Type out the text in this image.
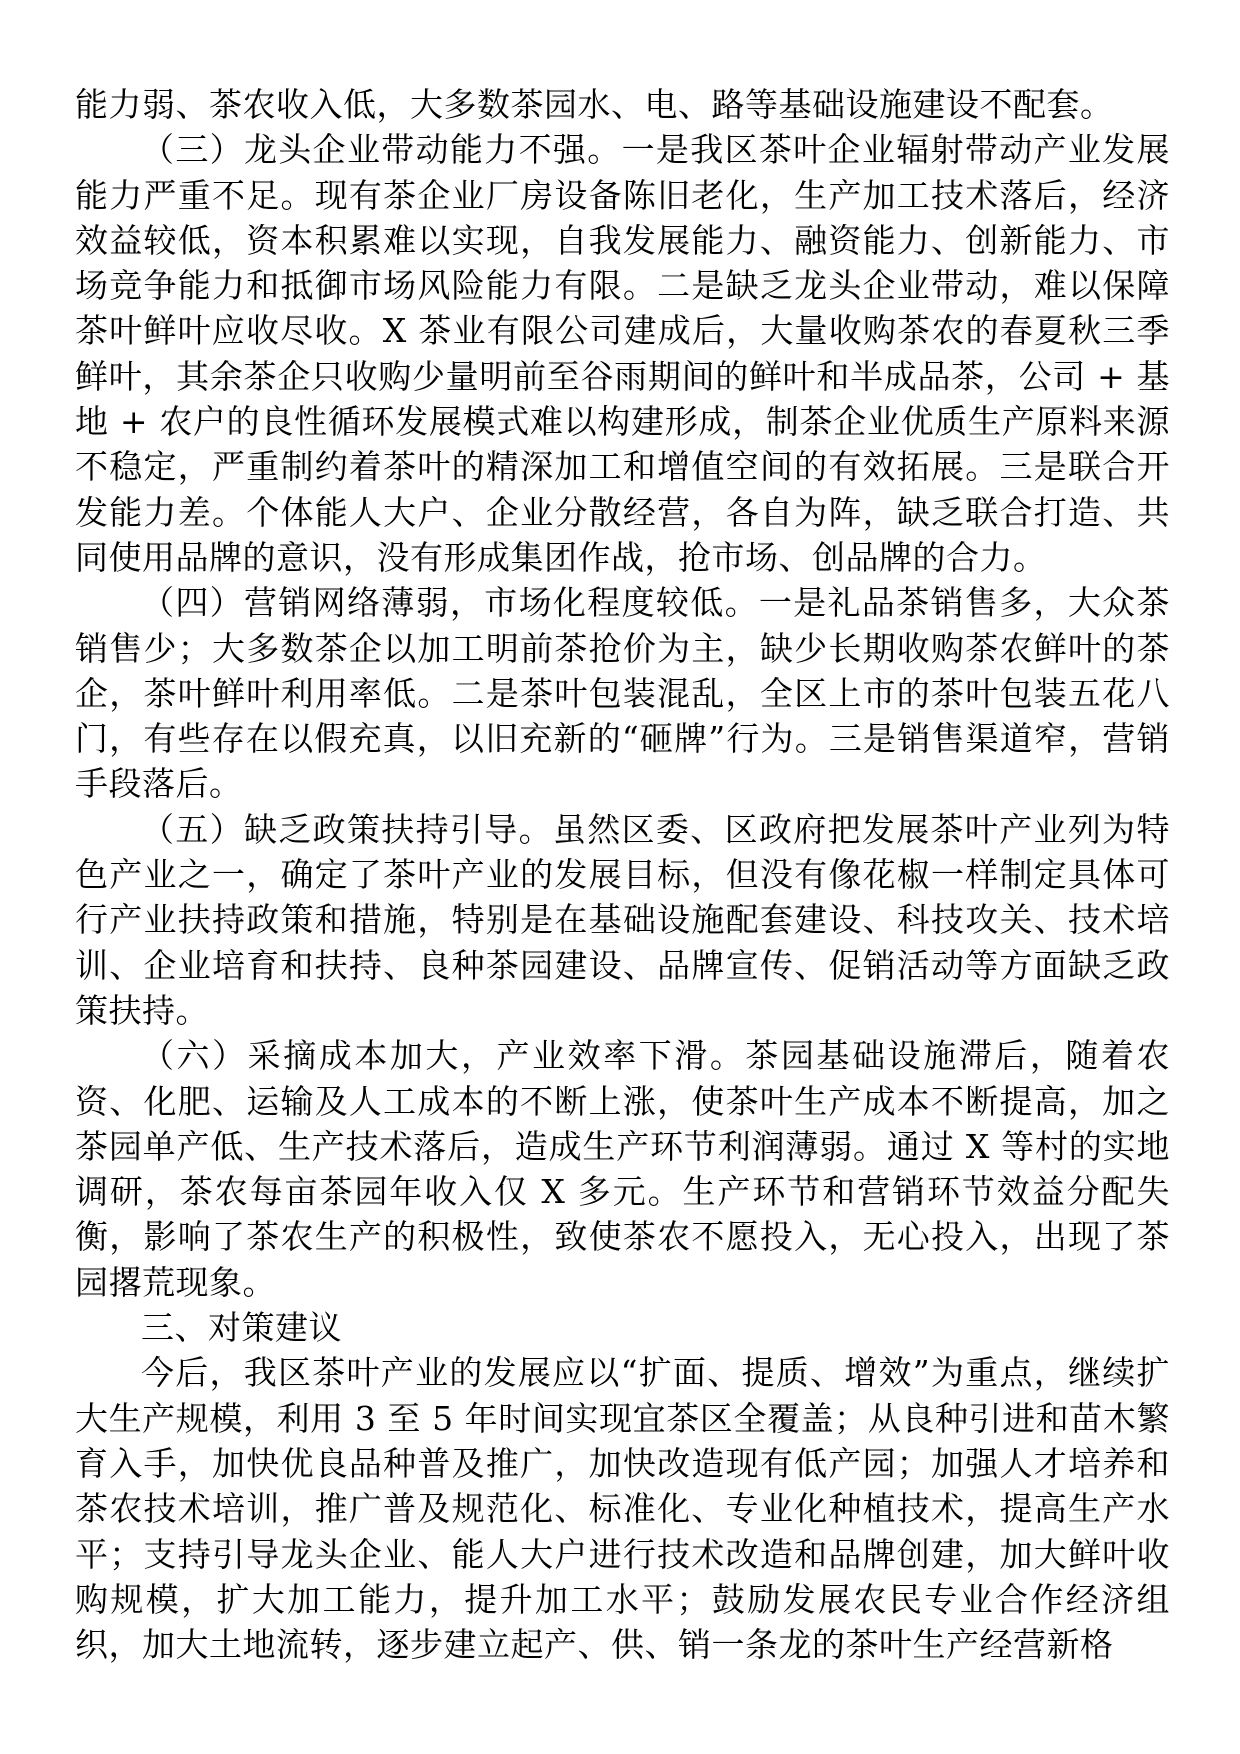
能力弱、茶农收入低，大多数茶园水、电、路等基础设施建设不配套。

（三）龙头企业带动能力不强。一是我区茶叶企业辐射带动产业发展能力严重不足。现有茶企业厂房设备陈旧老化，生产加工技术落后，经济效益较低，资本积累难以实现，自我发展能力、融资能力、创新能力、市场竞争能力和抵御市场风险能力有限。二是缺乏龙头企业带动，难以保障茶叶鲜叶应收尽收。X 茶业有限公司建成后，大量收购茶农的春夏秋三季鲜叶，其余茶企只收购少量明前至谷雨期间的鲜叶和半成品茶，公司 + 基地 + 农户的良性循环发展模式难以构建形成，制茶企业优质生产原料来源不稳定，严重制约着茶叶的精深加工和增值空间的有效拓展。三是联合开发能力差。个体能人大户、企业分散经营，各自为阵，缺乏联合打造、共同使用品牌的意识，没有形成集团作战，抢市场、创品牌的合力。

（四）营销网络薄弱，市场化程度较低。一是礼品茶销售多，大众茶销售少；大多数茶企以加工明前茶抢价为主，缺少长期收购茶农鲜叶的茶企，茶叶鲜叶利用率低。二是茶叶包装混乱，全区上市的茶叶包装五花八门，有些存在以假充真，以旧充新的“砸牌”行为。三是销售渠道窄，营销手段落后。

（五）缺乏政策扶持引导。虽然区委、区政府把发展茶叶产业列为特色产业之一，确定了茶叶产业的发展目标，但没有像花椒一样制定具体可行产业扶持政策和措施，特别是在基础设施配套建设、科技攻关、技术培训、企业培育和扶持、良种茶园建设、品牌宣传、促销活动等方面缺乏政策扶持。

（六）采摘成本加大，产业效率下滑。茶园基础设施滞后，随着农资、化肥、运输及人工成本的不断上涨，使茶叶生产成本不断提高，加之茶园单产低、生产技术落后，造成生产环节利润薄弱。通过 X 等村的实地调研，茶农每亩茶园年收入仅 X 多元。生产环节和营销环节效益分配失衡，影响了茶农生产的积极性，致使茶农不愿投入，无心投入，出现了茶园撂荒现象。

三、对策建议

今后，我区茶叶产业的发展应以“扩面、提质、增效”为重点，继续扩大生产规模，利用 3 至 5 年时间实现宜茶区全覆盖；从良种引进和苗木繁育入手，加快优良品种普及推广，加快改造现有低产园；加强人才培养和茶农技术培训，推广普及规范化、标准化、专业化种植技术，提高生产水平；支持引导龙头企业、能人大户进行技术改造和品牌创建，加大鲜叶收购规模，扩大加工能力，提升加工水平；鼓励发展农民专业合作经济组织，加大土地流转，逐步建立起产、供、销一条龙的茶叶生产经营新格
